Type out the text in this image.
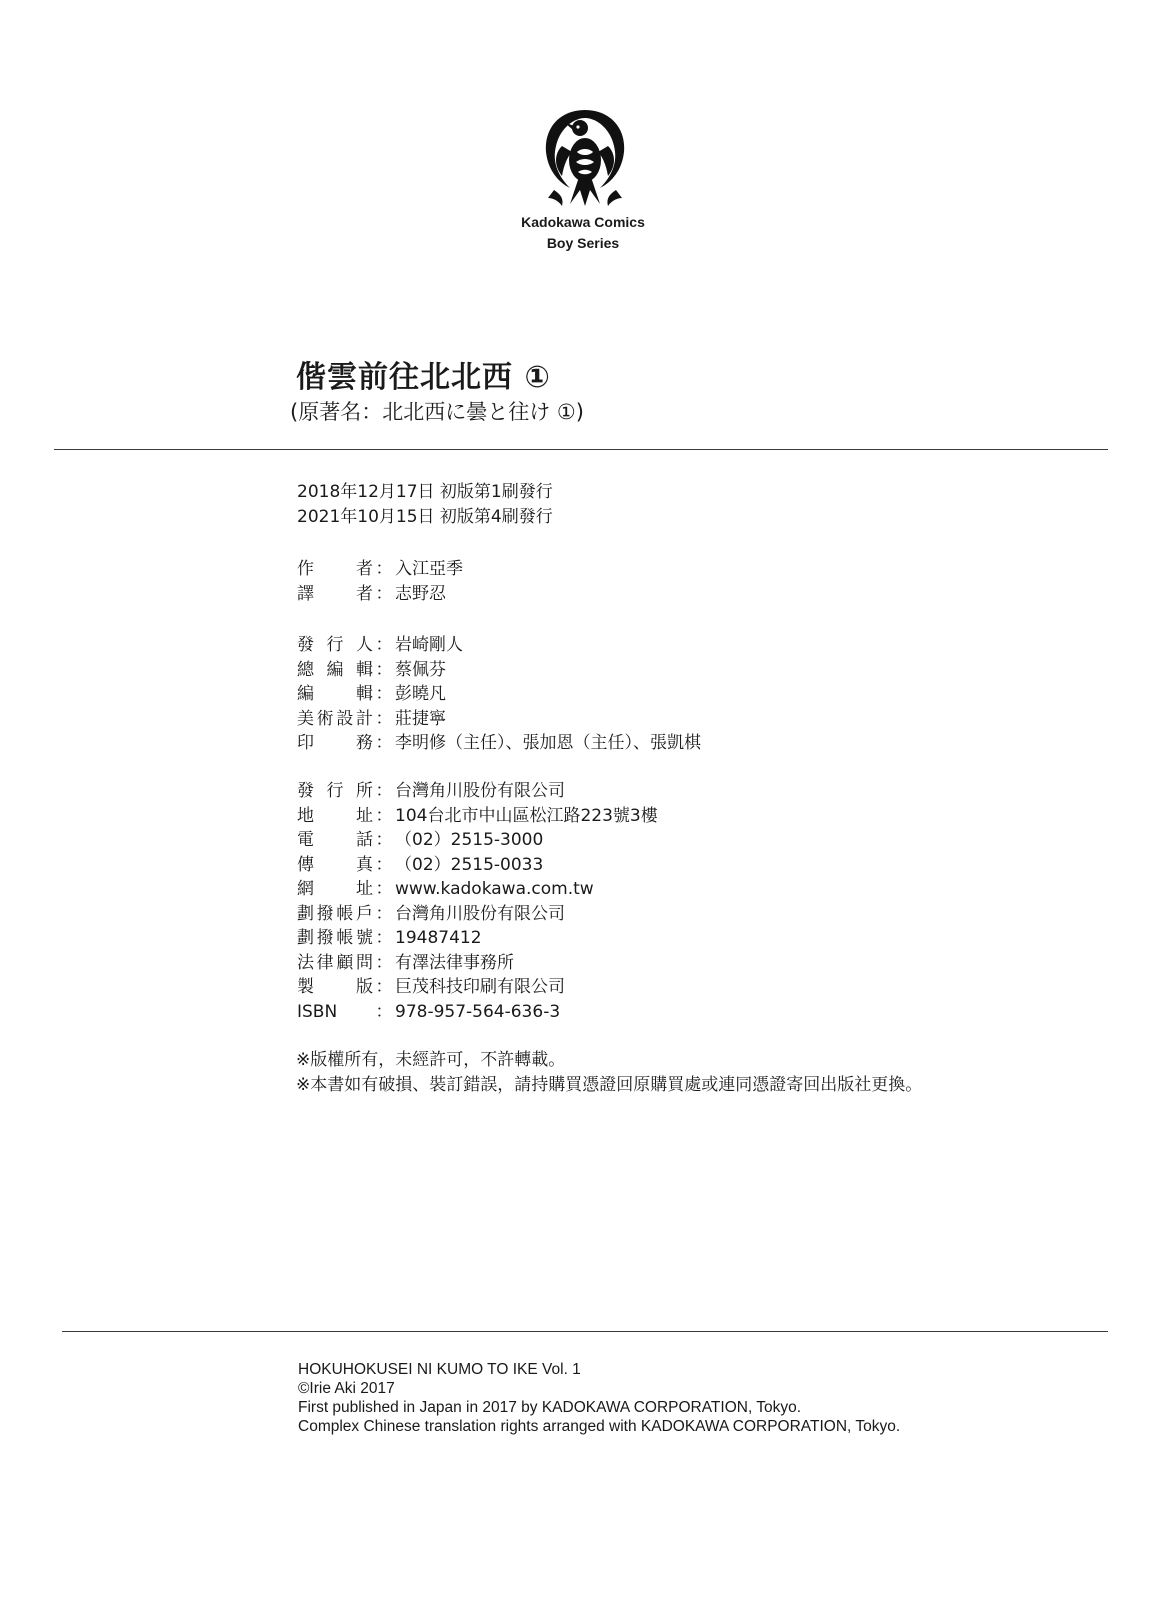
Kadokawa Comics
Boy Series
偕雲前往北北西 ①
(原著名：北北西に曇と往け ①)
2018年12月17日 初版第1刷發行
2021年10月15日 初版第4刷發行
作　者 ： 入江亞季
譯　者 ： 志野忍
發行人 ： 岩崎剛人
總編輯 ： 蔡佩芬
編　輯 ： 彭曉凡
美術設計 ： 莊捷寧
印　務 ： 李明修（主任）、張加恩（主任）、張凱棋
發行所 ： 台灣角川股份有限公司
地　址 ： 104台北市中山區松江路223號3樓
電　話 ： （02）2515-3000
傳　真 ： （02）2515-0033
網　址 ： www.kadokawa.com.tw
劃撥帳戶 ： 台灣角川股份有限公司
劃撥帳號 ： 19487412
法律顧問 ： 有澤法律事務所
製　版 ： 巨茂科技印刷有限公司
ISBN	： 978-957-564-636-3
※版權所有，未經許可，不許轉載。
※本書如有破損、裝訂錯誤，請持購買憑證回原購買處或連同憑證寄回出版社更換。
HOKUHOKUSEI NI KUMO TO IKE Vol. 1
©Irie Aki 2017
First published in Japan in 2017 by KADOKAWA CORPORATION, Tokyo.
Complex Chinese translation rights arranged with KADOKAWA CORPORATION, Tokyo.
